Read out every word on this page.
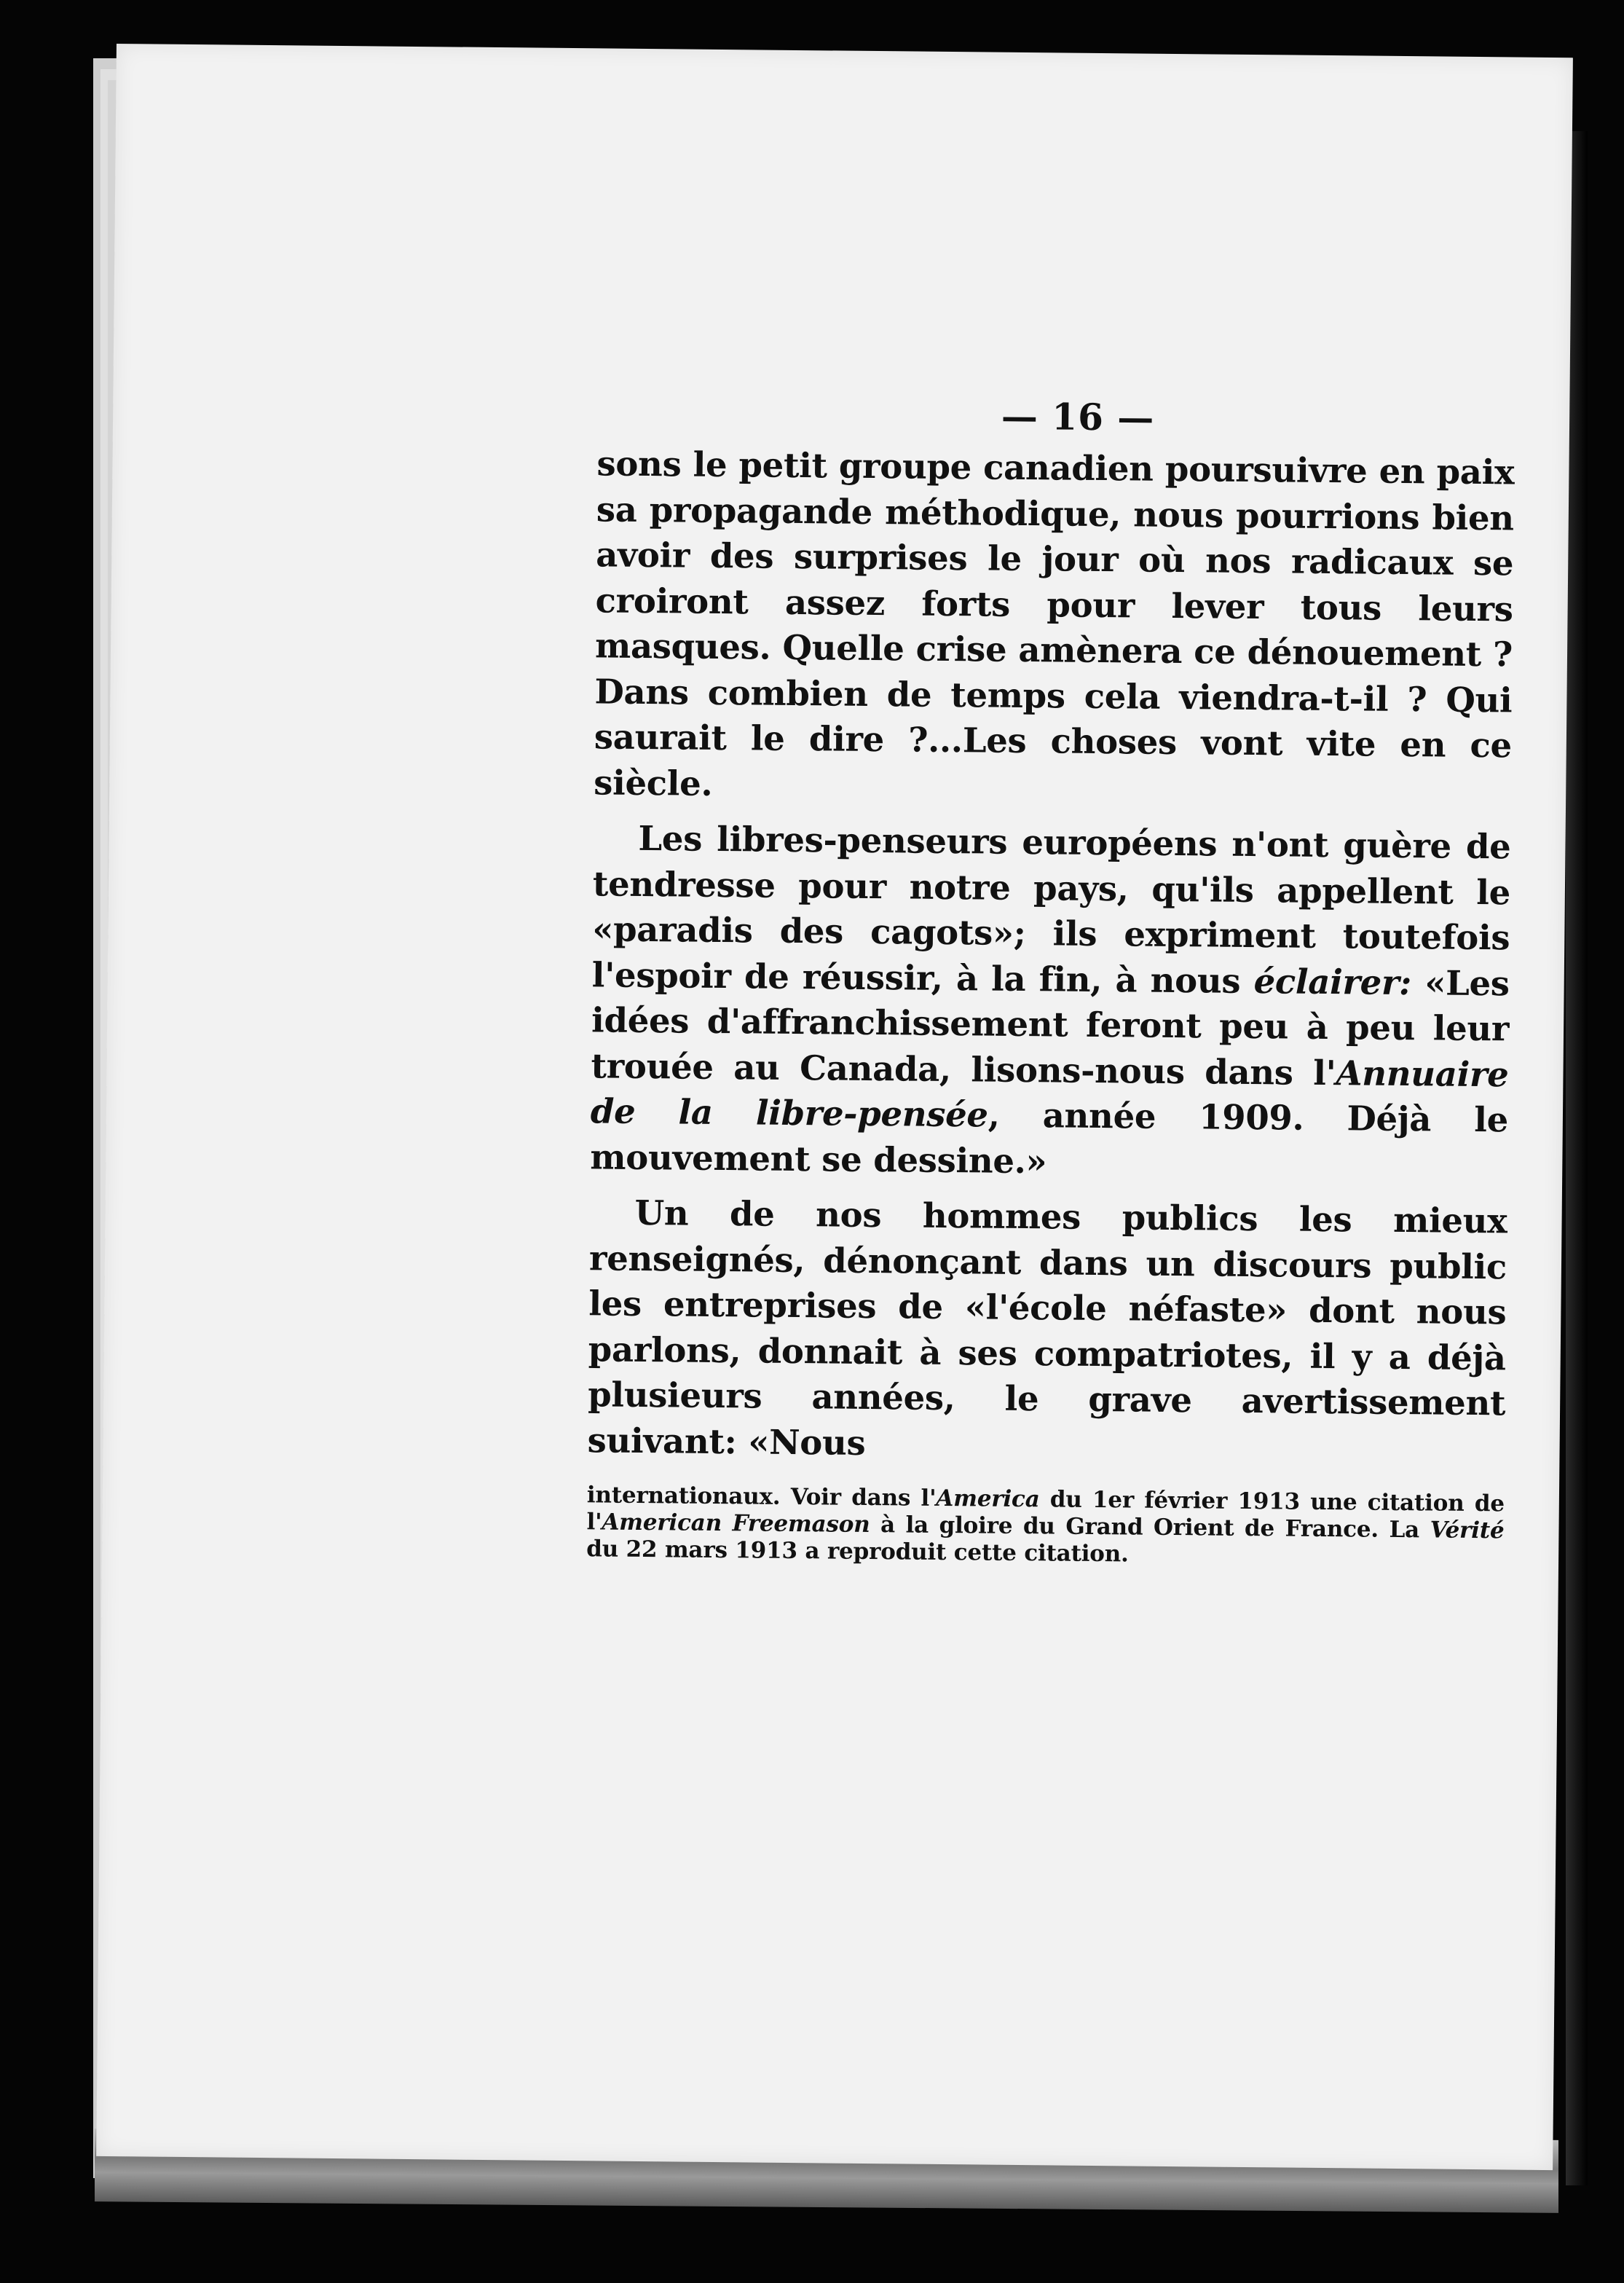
— 16 —

sons le petit groupe canadien poursuivre en paix sa propagande méthodique, nous pourrions bien avoir des surprises le jour où nos radicaux se croiront assez forts pour lever tous leurs masques. Quelle crise amènera ce dénouement ? Dans combien de temps cela viendra-t-il ? Qui saurait le dire ?...Les choses vont vite en ce siècle.

Les libres-penseurs européens n'ont guère de tendresse pour notre pays, qu'ils appellent le «paradis des cagots»; ils expriment toutefois l'espoir de réussir, à la fin, à nous éclairer: «Les idées d'affranchissement feront peu à peu leur trouée au Canada, lisons-nous dans l'Annuaire de la libre-pensée, année 1909. Déjà le mouvement se dessine.»

Un de nos hommes publics les mieux renseignés, dénonçant dans un discours public les entreprises de «l'école néfaste» dont nous parlons, donnait à ses compatriotes, il y a déjà plusieurs années, le grave avertissement suivant: «Nous

internationaux. Voir dans l'America du 1er février 1913 une citation de l'American Freemason à la gloire du Grand Orient de France. La Vérité du 22 mars 1913 a reproduit cette citation.
